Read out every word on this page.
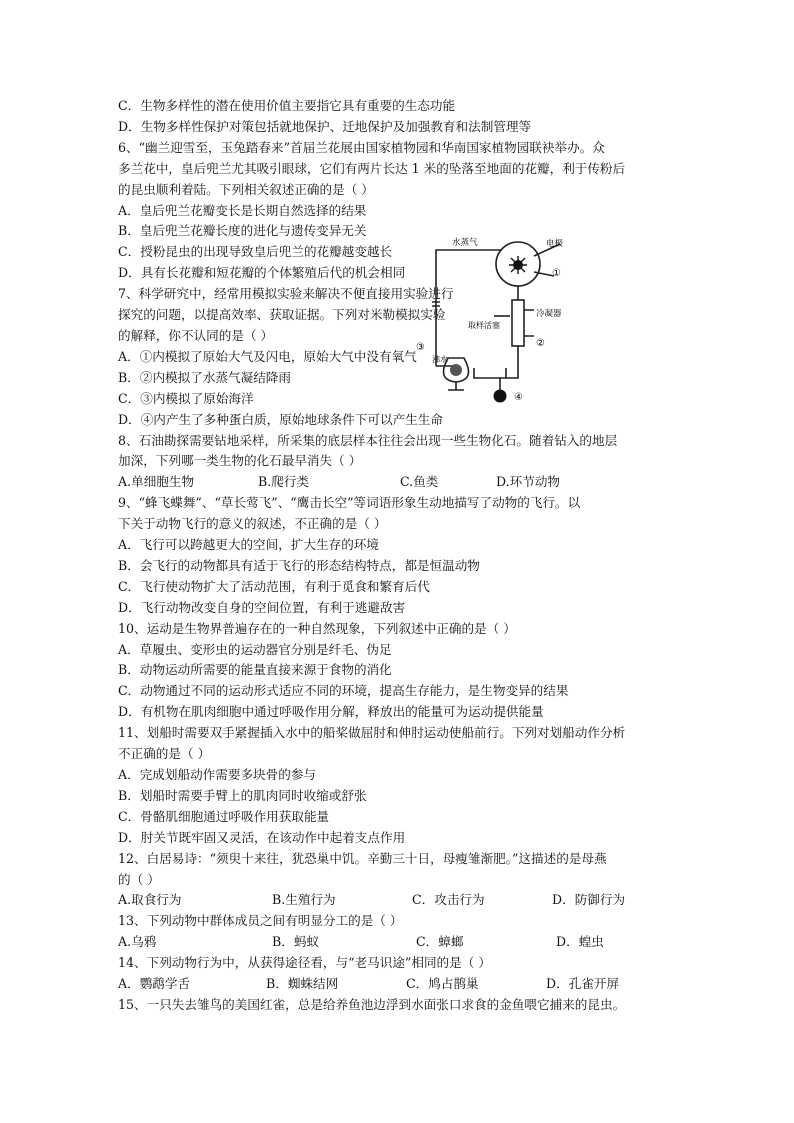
C．生物多样性的潜在使用价值主要指它具有重要的生态功能
D．生物多样性保护对策包括就地保护、迁地保护及加强教育和法制管理等
6、“幽兰迎雪至，玉兔踏春来”首届兰花展由国家植物园和华南国家植物园联袂举办。众
多兰花中，皇后兜兰尤其吸引眼球，它们有两片长达 1 米的坠落至地面的花瓣，利于传粉后
的昆虫顺利着陆。下列相关叙述正确的是（ ）
A．皇后兜兰花瓣变长是长期自然选择的结果
B．皇后兜兰花瓣长度的进化与遗传变异无关
C．授粉昆虫的出现导致皇后兜兰的花瓣越变越长
D．具有长花瓣和短花瓣的个体繁殖后代的机会相同
7、科学研究中，经常用模拟实验来解决不便直接用实验进行
探究的问题，以提高效率、获取证据。下列对米勒模拟实验
的解释，你不认同的是（ ）
A．①内模拟了原始大气及闪电，原始大气中没有氧气
B．②内模拟了水蒸气凝结降雨
C．③内模拟了原始海洋
D．④内产生了多种蛋白质，原始地球条件下可以产生生命
8、石油勘探需要钻地采样，所采集的底层样本往往会出现一些生物化石。随着钻入的地层
加深，下列哪一类生物的化石最早消失（ ）
A.单细胞生物	B.爬行类	C.鱼类	D.环节动物
9、“蜂飞蝶舞”、“草长莺飞”、“鹰击长空”等词语形象生动地描写了动物的飞行。以
下关于动物飞行的意义的叙述，不正确的是（ ）
A．飞行可以跨越更大的空间，扩大生存的环境
B．会飞行的动物都具有适于飞行的形态结构特点，都是恒温动物
C．飞行使动物扩大了活动范围，有利于觅食和繁育后代
D．飞行动物改变自身的空间位置，有利于逃避敌害
10、运动是生物界普遍存在的一种自然现象，下列叙述中正确的是（ ）
A．草履虫、变形虫的运动器官分别是纤毛、伪足
B．动物运动所需要的能量直接来源于食物的消化
C．动物通过不同的运动形式适应不同的环境，提高生存能力，是生物变异的结果
D．有机物在肌肉细胞中通过呼吸作用分解，释放出的能量可为运动提供能量
11、划船时需要双手紧握插入水中的船桨做屈肘和伸肘运动使船前行。下列对划船动作分析
不正确的是（ ）
A．完成划船动作需要多块骨的参与
B．划船时需要手臂上的肌肉同时收缩或舒张
C．骨骼肌细胞通过呼吸作用获取能量
D．肘关节既牢固又灵活，在该动作中起着支点作用
12、白居易诗：“须臾十来往，犹恐巢中饥。辛勤三十日，母瘦雏渐肥。”这描述的是母燕
的（ ）
A.取食行为	B.生殖行为	C．攻击行为	D．防御行为
13、下列动物中群体成员之间有明显分工的是（ ）
A.乌鸦	B．蚂蚁	C．蟑螂	D．蝗虫
14、下列动物行为中，从获得途径看，与“老马识途”相同的是（ ）
A．鹦鹉学舌	B．蜘蛛结网	C．鸠占鹊巢	D．孔雀开屏
15、一只失去雏鸟的美国红雀，总是给养鱼池边浮到水面张口求食的金鱼喂它捕来的昆虫。
水蒸气	电极
①
冷凝器
取样活塞
②
③
沸水
④
